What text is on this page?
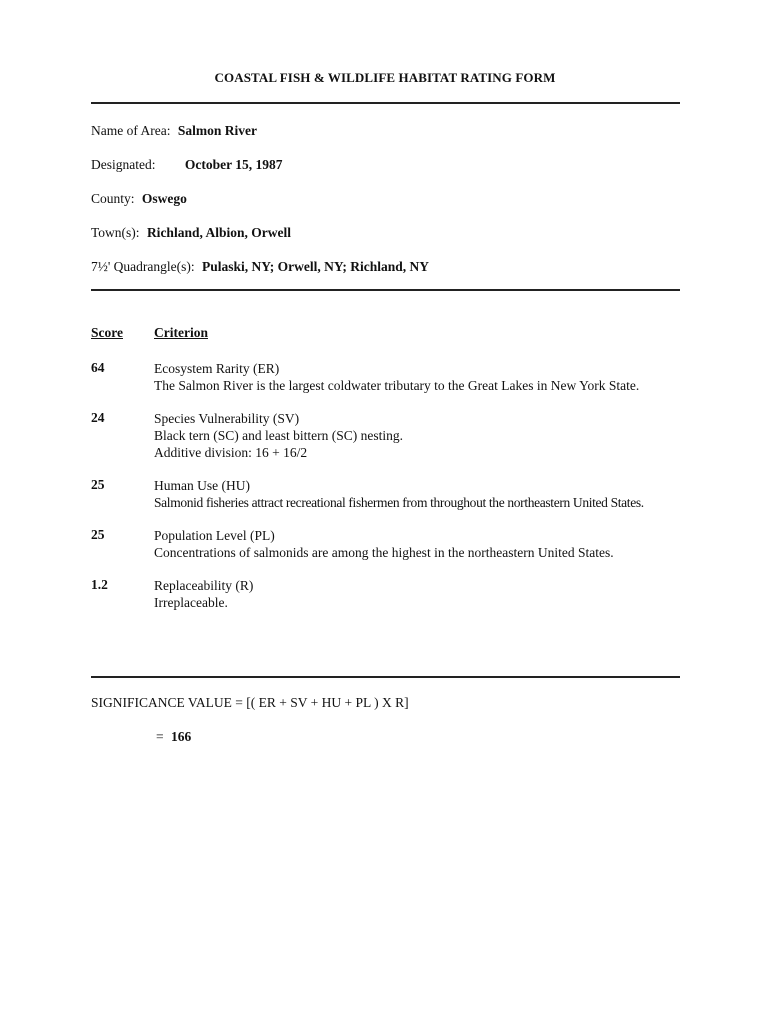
COASTAL FISH & WILDLIFE HABITAT RATING FORM
Name of Area: Salmon River
Designated: October 15, 1987
County: Oswego
Town(s): Richland, Albion, Orwell
7½' Quadrangle(s): Pulaski, NY; Orwell, NY; Richland, NY
Score Criterion
64	Ecosystem Rarity (ER)
The Salmon River is the largest coldwater tributary to the Great Lakes in New York State.
24	Species Vulnerability (SV)
Black tern (SC) and least bittern (SC) nesting.
Additive division: 16 + 16/2
25	Human Use (HU)
Salmonid fisheries attract recreational fishermen from throughout the northeastern United States.
25	Population Level (PL)
Concentrations of salmonids are among the highest in the northeastern United States.
1.2	Replaceability (R)
Irreplaceable.
SIGNIFICANCE VALUE = [( ER + SV + HU + PL ) X R]
= 166
